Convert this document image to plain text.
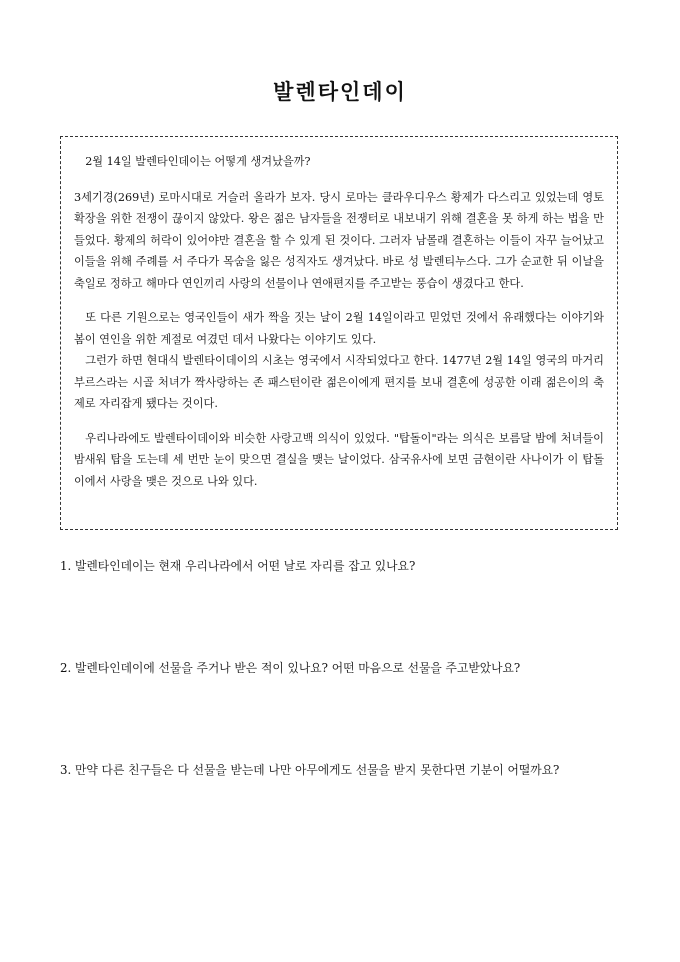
발렌타인데이

2월 14일 발렌타인데이는 어떻게 생겨났을까?

3세기경(269년) 로마시대로 거슬러 올라가 보자. 당시 로마는 클라우디우스 황제가 다스리고 있었는데 영토 확장을 위한 전쟁이 끊이지 않았다. 왕은 젊은 남자들을 전쟁터로 내보내기 위해 결혼을 못 하게 하는 법을 만들었다. 황제의 허락이 있어야만 결혼을 할 수 있게 된 것이다. 그러자 남몰래 결혼하는 이들이 자꾸 늘어났고 이들을 위해 주례를 서 주다가 목숨을 잃은 성직자도 생겨났다. 바로 성 발렌티누스다. 그가 순교한 뒤 이날을 축일로 정하고 해마다 연인끼리 사랑의 선물이나 연애편지를 주고받는 풍습이 생겼다고 한다.

또 다른 기원으로는 영국인들이 새가 짝을 짓는 날이 2월 14일이라고 믿었던 것에서 유래했다는 이야기와 봄이 연인을 위한 계절로 여겼던 데서 나왔다는 이야기도 있다.

그런가 하면 현대식 발렌타이데이의 시초는 영국에서 시작되었다고 한다. 1477년 2월 14일 영국의 마거리 부르스라는 시골 처녀가 짝사랑하는 존 패스턴이란 젊은이에게 편지를 보내 결혼에 성공한 이래 젊은이의 축제로 자리잡게 됐다는 것이다.

우리나라에도 발렌타이데이와 비슷한 사랑고백 의식이 있었다. "탑돌이"라는 의식은 보름달 밤에 처녀들이 밤새워 탑을 도는데 세 번만 눈이 맞으면 결실을 맺는 날이었다. 삼국유사에 보면 금현이란 사나이가 이 탑돌이에서 사랑을 맺은 것으로 나와 있다.

1. 발렌타인데이는 현재 우리나라에서 어떤 날로 자리를 잡고 있나요?
2. 발렌타인데이에 선물을 주거나 받은 적이 있나요? 어떤 마음으로 선물을 주고받았나요?
3. 만약 다른 친구들은 다 선물을 받는데 나만 아무에게도 선물을 받지 못한다면 기분이 어떨까요?
